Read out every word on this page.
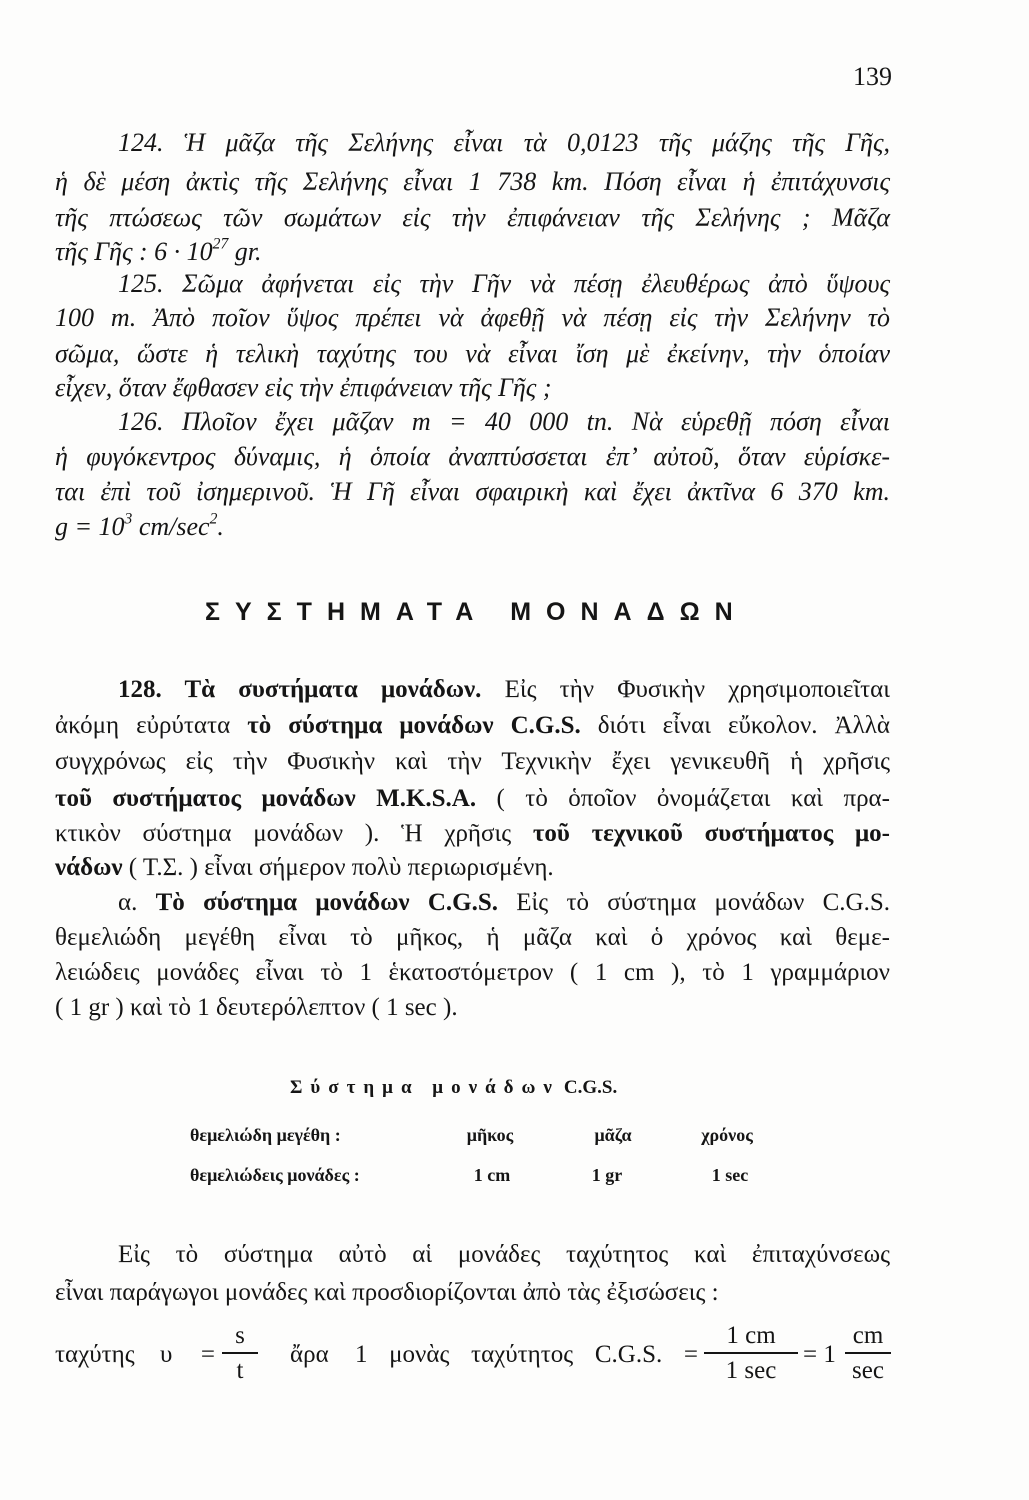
139
124. Ἡ μᾶζα τῆς Σελήνης εἶναι τὰ 0,0123 τῆς μάζης τῆς Γῆς,
ἡ δὲ μέση ἀκτὶς τῆς Σελήνης εἶναι 1 738 km. Πόση εἶναι ἡ ἐπιτάχυνσις
τῆς πτώσεως τῶν σωμάτων εἰς τὴν ἐπιφάνειαν τῆς Σελήνης ; Μᾶζα
τῆς Γῆς : $6 \cdot 10^{27}$ gr.
125. Σῶμα ἀφήνεται εἰς τὴν Γῆν νὰ πέσῃ ἐλευθέρως ἀπὸ ὕψους
100 m. Ἀπὸ ποῖον ὕψος πρέπει νὰ ἀφεθῇ νὰ πέσῃ εἰς τὴν Σελήνην τὸ
σῶμα, ὥστε ἡ τελικὴ ταχύτης του νὰ εἶναι ἴση μὲ ἐκείνην, τὴν ὁποίαν
εἶχεν, ὅταν ἔφθασεν εἰς τὴν ἐπιφάνειαν τῆς Γῆς ;
126. Πλοῖον ἔχει μᾶζαν m = 40 000 tn. Νὰ εὑρεθῇ πόση εἶναι
ἡ φυγόκεντρος δύναμις, ἡ ὁποία ἀναπτύσσεται ἐπ’ αὐτοῦ, ὅταν εὑρίσκε-
ται ἐπὶ τοῦ ἰσημερινοῦ. Ἡ Γῆ εἶναι σφαιρικὴ καὶ ἔχει ἀκτῖνα 6 370 km.
$g = 10^3$ $cm/\sec^2$.
ΣΥΣΤΗΜΑΤΑ ΜΟΝΑΔΩΝ
128. Τὰ συστήματα μονάδων. Εἰς τὴν Φυσικὴν χρησιμοποιεῖται
ἀκόμη εὐρύτατα τὸ σύστημα μονάδων C.G.S. διότι εἶναι εὔκολον. Ἀλλὰ
συγχρόνως εἰς τὴν Φυσικὴν καὶ τὴν Τεχνικὴν ἔχει γενικευθῆ ἡ χρῆσις
τοῦ συστήματος μονάδων M.K.S.A. ( τὸ ὁποῖον ὀνομάζεται καὶ πρα-
κτικὸν σύστημα μονάδων ). Ἡ χρῆσις τοῦ τεχνικοῦ συστήματος μο-
νάδων ( Τ.Σ. ) εἶναι σήμερον πολὺ περιωρισμένη.
α. Τὸ σύστημα μονάδων C.G.S. Εἰς τὸ σύστημα μονάδων C.G.S.
θεμελιώδη μεγέθη εἶναι τὸ μῆκος, ἡ μᾶζα καὶ ὁ χρόνος καὶ θεμε-
λειώδεις μονάδες εἶναι τὸ 1 ἑκατοστόμετρον ( 1 cm ), τὸ 1 γραμμάριον
( 1 gr ) καὶ τὸ 1 δευτερόλεπτον ( 1 sec ).
Σύστημα μονάδων C.G.S.
θεμελιώδη μεγέθη :	μῆκος	μᾶζα	χρόνος
θεμελιώδεις μονάδες :	1 cm	1 gr	1 sec
Εἰς τὸ σύστημα αὐτὸ αἱ μονάδες ταχύτητος καὶ ἐπιταχύνσεως
εἶναι παράγωγοι μονάδες καὶ προσδιορίζονται ἀπὸ τὰς ἐξισώσεις :
ταχύτης υ =
s
t
ἄρα 1 μονὰς ταχύτητος C.G.S. =
1 cm
1 sec
= 1
cm
sec
